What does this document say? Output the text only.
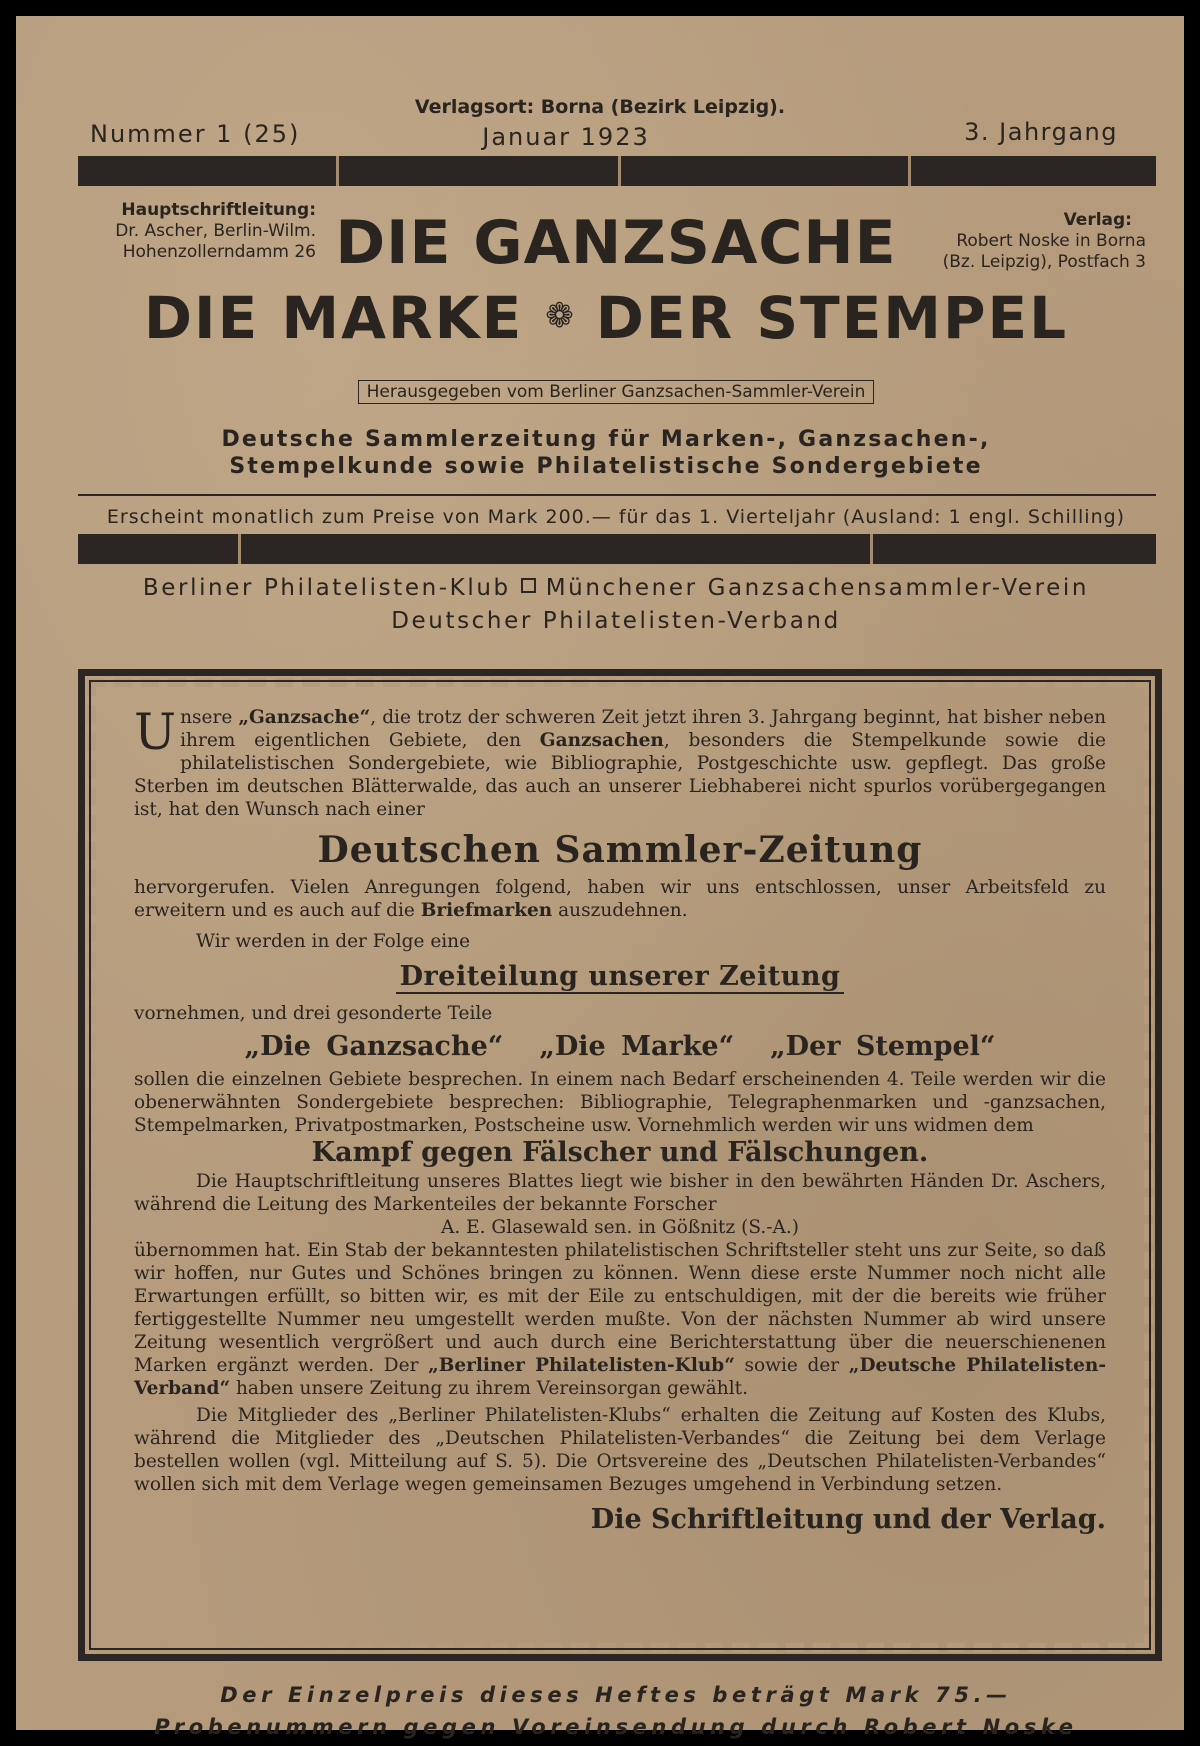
Verlagsort: Borna (Bezirk Leipzig).
Nummer 1 (25)	Januar 1923	3. Jahrgang
Hauptschriftleitung:
Dr. Ascher, Berlin-Wilm.
Hohenzollerndamm 26 DIE GANZSACHE	Verlag:
Robert Noske in Borna
(Bz. Leipzig), Postfach 3
DIE MARKE ❁ DER STEMPEL
Herausgegeben vom Berliner Ganzsachen-Sammler-Verein
Deutsche Sammlerzeitung für Marken-, Ganzsachen-,
Stempelkunde sowie Philatelistische Sondergebiete
Erscheint monatlich zum Preise von Mark 200.— für das 1. Vierteljahr (Ausland: 1 engl. Schilling)
Berliner Philatelisten-Klub Münchener Ganzsachensammler-Verein
Deutscher Philatelisten-Verband

Unsere „Ganzsache“, die trotz der schweren Zeit jetzt ihren 3. Jahrgang beginnt, hat bisher neben ihrem eigentlichen Gebiete, den Ganzsachen, besonders die Stempelkunde sowie die philatelistischen Sondergebiete, wie Bibliographie, Postgeschichte usw. gepflegt. Das große Sterben im deutschen Blätterwalde, das auch an unserer Liebhaberei nicht spurlos vorübergegangen ist, hat den Wunsch nach einer

Deutschen Sammler-Zeitung

hervorgerufen. Vielen Anregungen folgend, haben wir uns entschlossen, unser Arbeitsfeld zu erweitern und es auch auf die Briefmarken auszudehnen.

Wir werden in der Folge eine

Dreiteilung unserer Zeitung

vornehmen, und drei gesonderte Teile

„Die Ganzsache“ „Die Marke“ „Der Stempel“

sollen die einzelnen Gebiete besprechen. In einem nach Bedarf erscheinenden 4. Teile werden wir die obenerwähnten Sondergebiete besprechen: Bibliographie, Telegraphenmarken und -ganzsachen, Stempelmarken, Privatpostmarken, Postscheine usw. Vornehmlich werden wir uns widmen dem

Kampf gegen Fälscher und Fälschungen.

Die Hauptschriftleitung unseres Blattes liegt wie bisher in den bewährten Händen Dr. Aschers, während die Leitung des Markenteiles der bekannte Forscher

A. E. Glasewald sen. in Gößnitz (S.-A.)

übernommen hat. Ein Stab der bekanntesten philatelistischen Schriftsteller steht uns zur Seite, so daß wir hoffen, nur Gutes und Schönes bringen zu können. Wenn diese erste Nummer noch nicht alle Erwartungen erfüllt, so bitten wir, es mit der Eile zu entschuldigen, mit der die bereits wie früher fertiggestellte Nummer neu umgestellt werden mußte. Von der nächsten Nummer ab wird unsere Zeitung wesentlich vergrößert und auch durch eine Berichterstattung über die neuerschienenen Marken ergänzt werden. Der „Berliner Philatelisten-Klub“ sowie der „Deutsche Philatelisten-Verband“ haben unsere Zeitung zu ihrem Vereinsorgan gewählt.

Die Mitglieder des „Berliner Philatelisten-Klubs“ erhalten die Zeitung auf Kosten des Klubs, während die Mitglieder des „Deutschen Philatelisten-Verbandes“ die Zeitung bei dem Verlage bestellen wollen (vgl. Mitteilung auf S. 5). Die Ortsvereine des „Deutschen Philatelisten-Verbandes“ wollen sich mit dem Verlage wegen gemeinsamen Bezuges umgehend in Verbindung setzen.

Die Schriftleitung und der Verlag.
Der Einzelpreis dieses Heftes beträgt Mark 75.—
Probenummern gegen Voreinsendung durch Robert Noske
